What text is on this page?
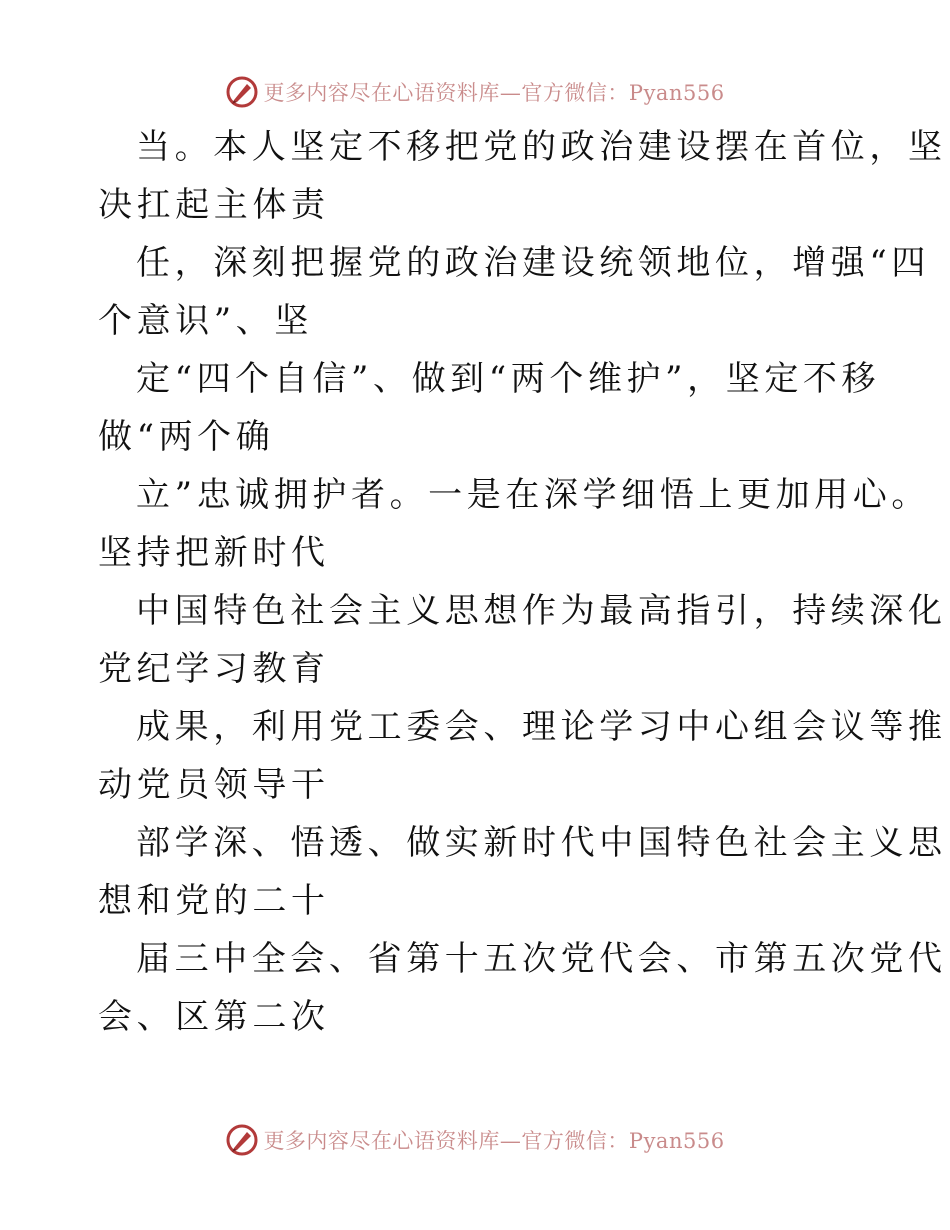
更多内容尽在心语资料库—官方微信：Pyan556
当。本人坚定不移把党的政治建设摆在首位，坚
决扛起主体责
任，深刻把握党的政治建设统领地位，增强“四
个意识”、坚
定“四个自信”、做到“两个维护”，坚定不移
做“两个确
立”忠诚拥护者。一是在深学细悟上更加用心。
坚持把新时代
中国特色社会主义思想作为最高指引，持续深化
党纪学习教育
成果，利用党工委会、理论学习中心组会议等推
动党员领导干
部学深、悟透、做实新时代中国特色社会主义思
想和党的二十
届三中全会、省第十五次党代会、市第五次党代
会、区第二次
更多内容尽在心语资料库—官方微信：Pyan556
